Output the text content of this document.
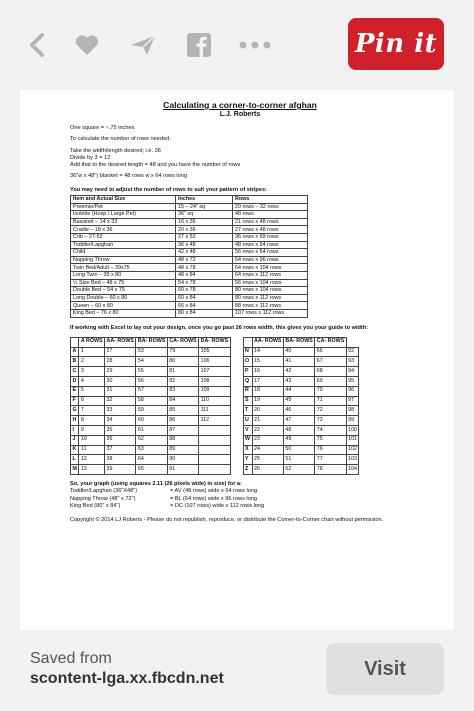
Pin it
Calculating a corner-to-corner afghan
L.J. Roberts
One square = ~.75 inches
To calculate the number of rows needed:
Take the width/length desired; i.e. 36
Divide by 3 = 12
Add that to the desired length = 48 and you have the number of rows
36"w x 48") blanket = 48 rows w x 64 rows long
You may need to adjust the number of rows to suit your pattern of stripes:
Item and Actual Size	Inches	Rows
Preemie/Pet	15 – 24" sq	20 rows – 32 rows
Isolette (Hosp / Large Pet)	36" sq	48 rows
Bassinet – 14 x 33	16 x 36	21 rows x 48 rows
Cradle – 18 x 36	20 x 36	27 rows x 48 rows
Crib – 27-52	27 x 52	36 rows x 69 rows
Toddler/Lapghan	36 x 48	48 rows x 64 rows
Child	42 x 48	56 rows x 64 rows
Napping Throw	48 x 72	64 rows x 96 rows
Twin Bed/Adult – 39x75	48 x 78	64 rows x 104 rows
Long Twin – 39 x 80	48 x 84	64 rows x 112 rows
½ Size Bed – 48 x 75	54 x 78	56 rows x 104 rows
Double Bed – 54 x 75	60 x 78	80 rows x 104 rows
Long Double – 60 x 80	60 x 84	80 rows x 112 rows
Queen – 60 x 80	66 x 84	88 rows x 112 rows
King Bed – 76 x 80	80 x 84	107 rows x 112 rows
If working with Excel to lay out your design, once you go past 26 rows width, this gives you your guide to width:
	A ROWS	AA- ROWS	BA- ROWS	CA- ROWS	DA- ROWS
A	1	27	53	79	105
B	2	28	54	80	106
C	3	29	55	81	107
D	4	30	56	82	108
E	5	31	57	83	109
F	6	32	58	84	110
G	7	33	59	85	111
H	8	34	60	86	112
I	9	35	61	87	
J	10	36	62	88	
K	11	37	63	89	
L	12	38	64	90	
M	13	39	65	91	
	AA- ROWS	BA- ROWS	CA- ROWS	
N	14	40	66	92
O	15	41	67	93
P	16	42	68	94
Q	17	43	69	95
R	18	44	70	96
S	19	45	71	97
T	20	46	72	98
U	21	47	73	99
V	22	48	74	100
W	23	49	75	101
X	24	50	76	102
Y	25	51	77	103
Z	26	52	78	104
So, your graph (using squares 2.11 (26 pixels wide) in size) for a:
Toddler/Lapghan (36"X48")	= AV (48 rows) wide x 64 rows long
Napping Throw (48" x 72")	= BL (64 rows) wide x 96 rows long
King Bed (80" x 84")	= DC (107 rows) wide x 112 rows long
Copyright © 2014 LJ Roberts - Please do not republish, reproduce, or distribute the Corner-to-Corner chart without permission.
Saved from
scontent-lga.xx.fbcdn.net	Visit
